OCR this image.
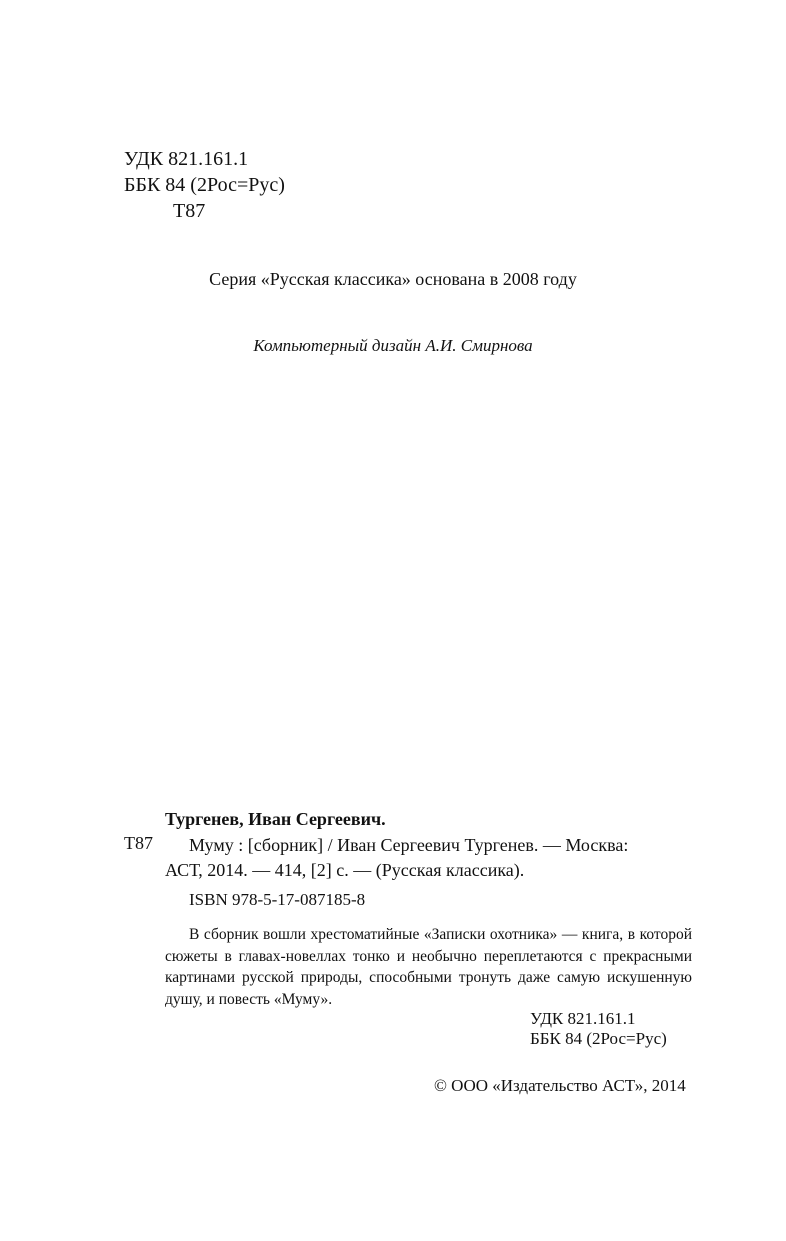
УДК 821.161.1
ББК 84 (2Рос=Рус)
Т87
Серия «Русская классика» основана в 2008 году
Компьютерный дизайн А.И. Смирнова
Тургенев, Иван Сергеевич.
Т87 Муму : [сборник] / Иван Сергеевич Тургенев. — Москва:
АСТ, 2014. — 414, [2] с. — (Русская классика).
ISBN 978-5-17-087185-8
В сборник вошли хрестоматийные «Записки охотника» — книга, в которой сюжеты в главах-новеллах тонко и необычно переплетаются с прекрасными картинами русской природы, способными тронуть даже самую искушенную душу, и повесть «Муму».
УДК 821.161.1
ББК 84 (2Рос=Рус)
© ООО «Издательство АСТ», 2014
